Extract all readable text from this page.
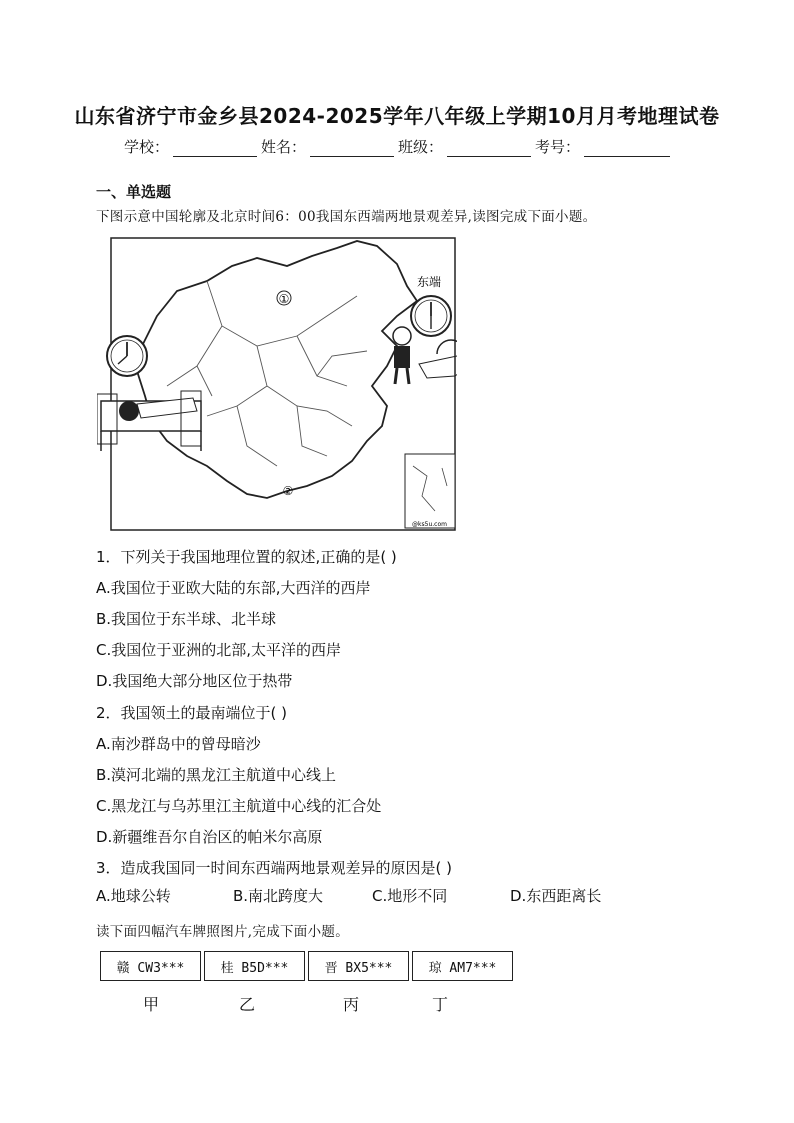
山东省济宁市金乡县2024-2025学年八年级上学期10月月考地理试卷
学校：	姓名：	班级：	考号：
一、单选题
下图示意中国轮廓及北京时间6：00我国东西端两地景观差异,读图完成下面小题。
@ks5u.com
①
②
东端
1．下列关于我国地理位置的叙述,正确的是( )
A.我国位于亚欧大陆的东部,大西洋的西岸
B.我国位于东半球、北半球
C.我国位于亚洲的北部,太平洋的西岸
D.我国绝大部分地区位于热带
2．我国领土的最南端位于( )
A.南沙群岛中的曾母暗沙
B.漠河北端的黑龙江主航道中心线上
C.黑龙江与乌苏里江主航道中心线的汇合处
D.新疆维吾尔自治区的帕米尔高原
3．造成我国同一时间东西端两地景观差异的原因是( )
A.地球公转	B.南北跨度大	C.地形不同	D.东西距离长
读下面四幅汽车牌照图片,完成下面小题。
赣 CW3***	桂 B5D***	晋 BX5***	琼 AM7***
甲	乙	丙	丁
